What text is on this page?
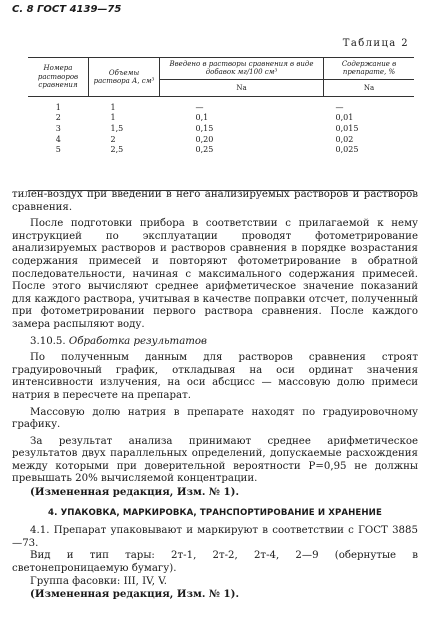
С. 8 ГОСТ 4139—75
Таблица 2
Номера растворов сравнения	Объемы раствора А, см³	Введено в растворы сравнения в виде добавок мг/100 см³	Содержание в препарате, %
		Na	Na
1	1	—	—
2	1	0,1	0,01
3	1,5	0,15	0,015
4	2	0,20	0,02
5	2,5	0,25	0,025

тилен-воздух при введении в него анализируемых растворов и растворов сравнения.

После подготовки прибора в соответствии с прилагаемой к нему инструкцией по эксплуатации проводят фотометрирование анализируемых растворов и растворов сравнения в порядке возрастания содержания примесей и повторяют фотометрирование в обратной последовательности, начиная с максимального содержания примесей. После этого вычисляют среднее арифметическое значение показаний для каждого раствора, учитывая в качестве поправки отсчет, полученный при фотометрировании первого раствора сравнения. После каждого замера распыляют воду.

3.10.5. Обработка результатов

По полученным данным для растворов сравнения строят градуировочный график, откладывая на оси ординат значения интенсивности излучения, на оси абсцисс — массовую долю примеси натрия в пересчете на препарат.

Массовую долю натрия в препарате находят по градуировочному графику.

За результат анализа принимают среднее арифметическое результатов двух параллельных определений, допускаемые расхождения между которыми при доверительной вероятности P=0,95 не должны превышать 20% вычисляемой концентрации.

(Измененная редакция, Изм. № 1).

4. УПАКОВКА, МАРКИРОВКА, ТРАНСПОРТИРОВАНИЕ И ХРАНЕНИЕ

4.1. Препарат упаковывают и маркируют в соответствии с ГОСТ 3885—73.

Вид и тип тары: 2т-1, 2т-2, 2т-4, 2—9 (обернутые в светонепроницаемую бумагу).

Группа фасовки: III, IV, V.

(Измененная редакция, Изм. № 1).
